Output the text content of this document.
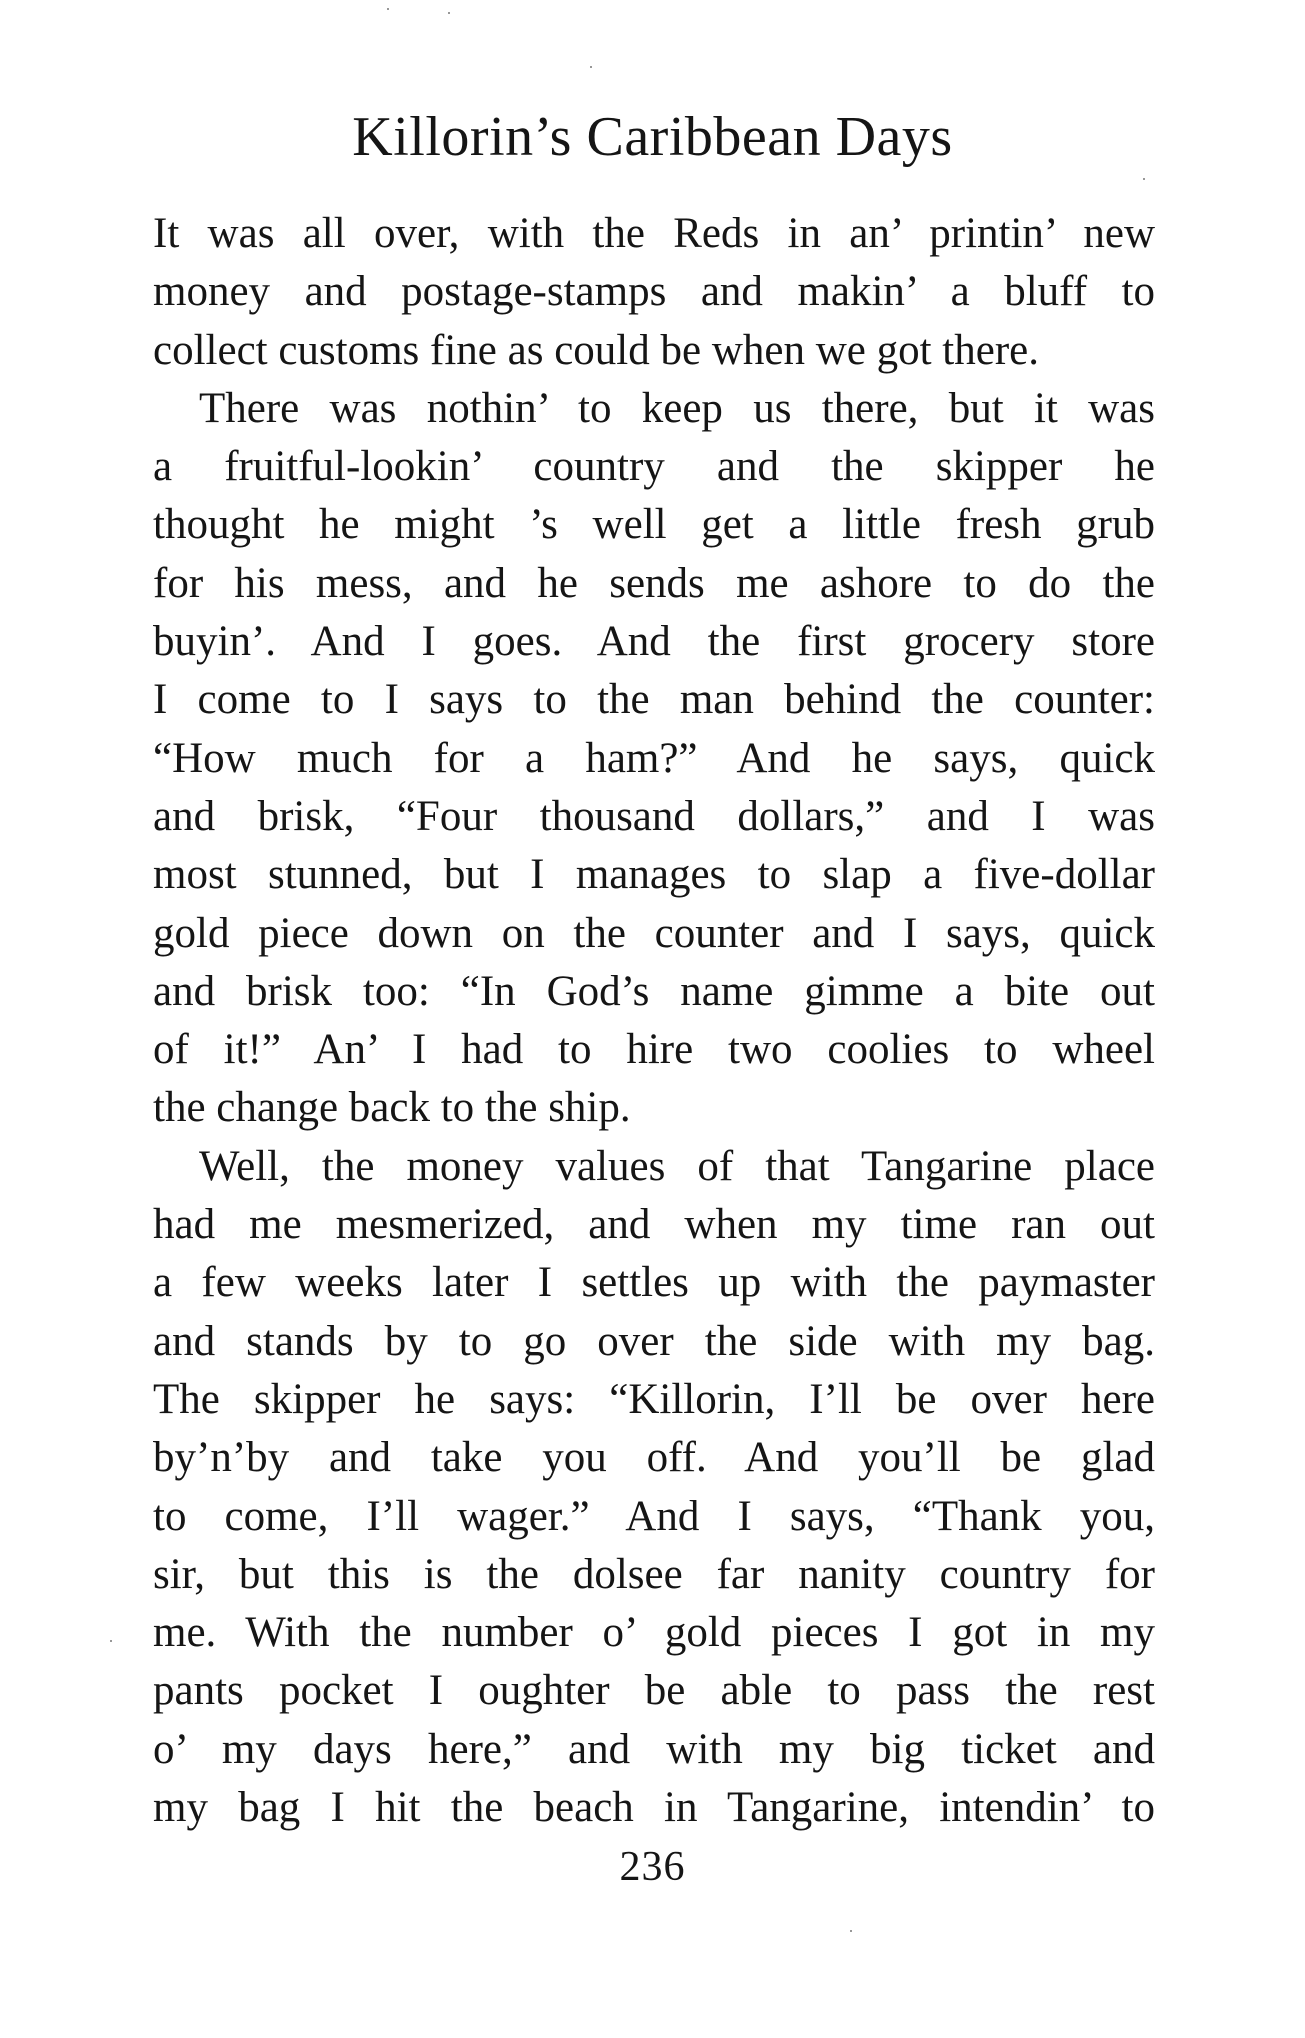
Killorin’s Caribbean Days
It was all over, with the Reds in an’ printin’ new
money and postage-stamps and makin’ a bluff to
collect customs fine as could be when we got there.
There was nothin’ to keep us there, but it was
a fruitful-lookin’ country and the skipper he
thought he might ’s well get a little fresh grub
for his mess, and he sends me ashore to do the
buyin’. And I goes. And the first grocery store
I come to I says to the man behind the counter:
“How much for a ham?” And he says, quick
and brisk, “Four thousand dollars,” and I was
most stunned, but I manages to slap a five-dollar
gold piece down on the counter and I says, quick
and brisk too: “In God’s name gimme a bite out
of it!” An’ I had to hire two coolies to wheel
the change back to the ship.
Well, the money values of that Tangarine place
had me mesmerized, and when my time ran out
a few weeks later I settles up with the paymaster
and stands by to go over the side with my bag.
The skipper he says: “Killorin, I’ll be over here
by’n’by and take you off. And you’ll be glad
to come, I’ll wager.” And I says, “Thank you,
sir, but this is the dolsee far nanity country for
me. With the number o’ gold pieces I got in my
pants pocket I oughter be able to pass the rest
o’ my days here,” and with my big ticket and
my bag I hit the beach in Tangarine, intendin’ to
236
